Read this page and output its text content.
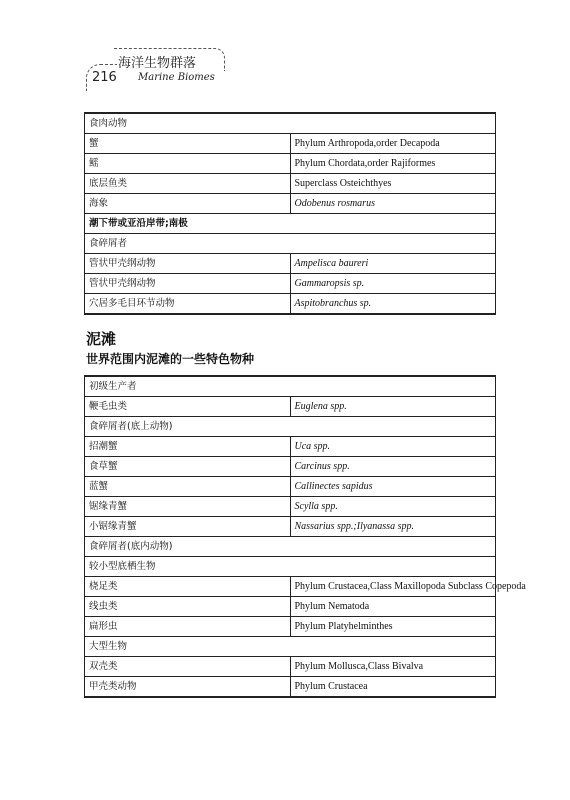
216
海洋生物群落
Marine Biomes
食肉动物	
蟹	Phylum Arthropoda,order Decapoda
鳐	Phylum Chordata,order Rajiformes
底层鱼类	Superclass Osteichthyes
海象	Odobenus rosmarus
潮下带或亚沿岸带;南极	
食碎屑者	
管状甲壳纲动物	Ampelisca baureri
管状甲壳纲动物	Gammaropsis sp.
穴居多毛目环节动物	Aspitobranchus sp.
泥滩
世界范围内泥滩的一些特色物种
初级生产者	
鞭毛虫类	Euglena spp.
食碎屑者(底上动物)	
招潮蟹	Uca spp.
食草蟹	Carcinus spp.
蓝蟹	Callinectes sapidus
锯缘青蟹	Scylla spp.
小锯缘青蟹	Nassarius spp.;Ilyanassa spp.
食碎屑者(底内动物)	
较小型底栖生物	
桡足类	Phylum Crustacea,Class Maxillopoda Subclass Copepoda
线虫类	Phylum Nematoda
扁形虫	Phylum Platyhelminthes
大型生物	
双壳类	Phylum Mollusca,Class Bivalva
甲壳类动物	Phylum Crustacea
